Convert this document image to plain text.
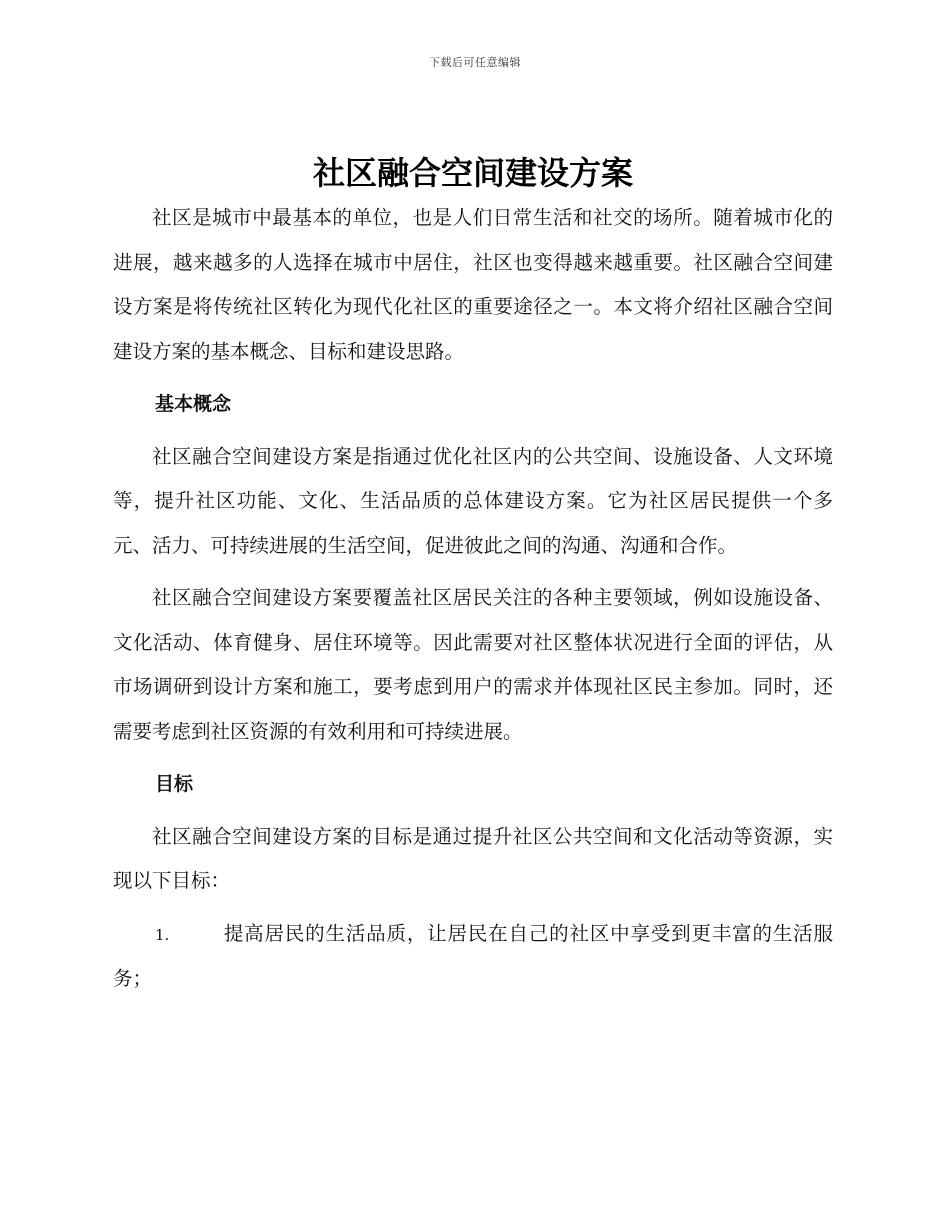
下载后可任意编辑
社区融合空间建设方案

社区是城市中最基本的单位，也是人们日常生活和社交的场所。随着城市化的进展，越来越多的人选择在城市中居住，社区也变得越来越重要。社区融合空间建设方案是将传统社区转化为现代化社区的重要途径之一。本文将介绍社区融合空间建设方案的基本概念、目标和建设思路。

基本概念

社区融合空间建设方案是指通过优化社区内的公共空间、设施设备、人文环境等，提升社区功能、文化、生活品质的总体建设方案。它为社区居民提供一个多元、活力、可持续进展的生活空间，促进彼此之间的沟通、沟通和合作。

社区融合空间建设方案要覆盖社区居民关注的各种主要领域，例如设施设备、文化活动、体育健身、居住环境等。因此需要对社区整体状况进行全面的评估，从市场调研到设计方案和施工，要考虑到用户的需求并体现社区民主参加。同时，还需要考虑到社区资源的有效利用和可持续进展。

目标

社区融合空间建设方案的目标是通过提升社区公共空间和文化活动等资源，实现以下目标：

1.	提高居民的生活品质，让居民在自己的社区中享受到更丰富的生活服务；
